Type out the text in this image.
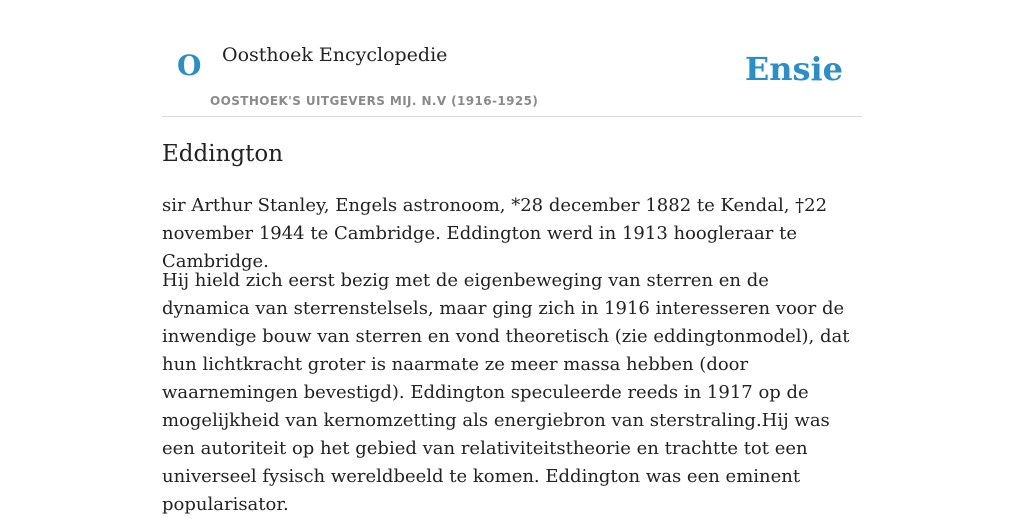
O Oosthoek Encyclopedie
OOSTHOEK'S UITGEVERS MIJ. N.V (1916-1925)
Ensie
Eddington

sir Arthur Stanley, Engels astronoom, *28 december 1882 te Kendal, †22 november 1944 te Cambridge. Eddington werd in 1913 hoogleraar te Cambridge.

Hij hield zich eerst bezig met de eigenbeweging van sterren en de dynamica van sterrenstelsels, maar ging zich in 1916 interesseren voor de inwendige bouw van sterren en vond theoretisch (zie eddingtonmodel), dat hun lichtkracht groter is naarmate ze meer massa hebben (door waarnemingen bevestigd). Eddington speculeerde reeds in 1917 op de mogelijkheid van kernomzetting als energiebron van sterstraling.Hij was een autoriteit op het gebied van relativiteitstheorie en trachtte tot een universeel fysisch wereldbeeld te komen. Eddington was een eminent popularisator.
